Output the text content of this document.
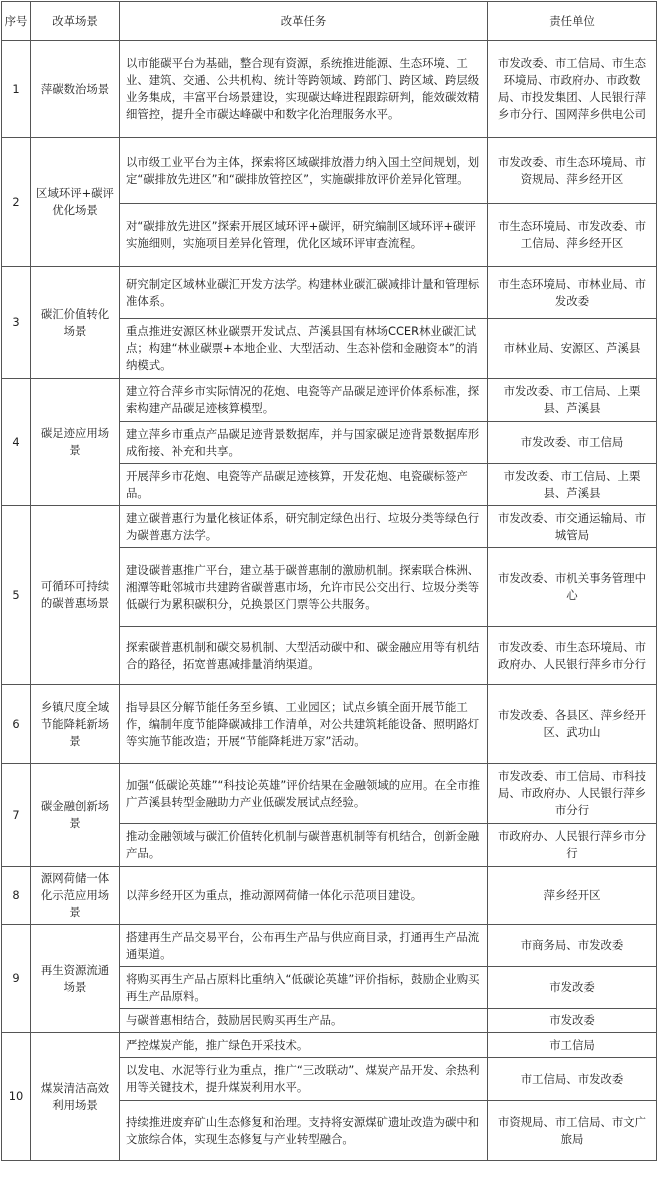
序号	改革场景	改革任务	责任单位
1	萍碳数治场景	以市能碳平台为基础，整合现有资源，系统推进能源、生态环境、工业、建筑、交通、公共机构、统计等跨领域、跨部门、跨区域、跨层级业务集成，丰富平台场景建设，实现碳达峰进程跟踪研判，能效碳效精细管控，提升全市碳达峰碳中和数字化治理服务水平。	市发改委、市工信局、市生态环境局、市政府办、市政数局、市投发集团、人民银行萍乡市分行、国网萍乡供电公司
2	区域环评+碳评优化场景	以市级工业平台为主体，探索将区域碳排放潜力纳入国土空间规划，划定“碳排放先进区”和“碳排放管控区”，实施碳排放评价差异化管理。	市发改委、市生态环境局、市资规局、萍乡经开区
		对“碳排放先进区”探索开展区域环评+碳评，研究编制区域环评+碳评实施细则，实施项目差异化管理，优化区域环评审查流程。	市生态环境局、市发改委、市工信局、萍乡经开区
3	碳汇价值转化场景	研究制定区域林业碳汇开发方法学。构建林业碳汇碳减排计量和管理标准体系。	市生态环境局、市林业局、市发改委
		重点推进安源区林业碳票开发试点、芦溪县国有林场CCER林业碳汇试点；构建“林业碳票+本地企业、大型活动、生态补偿和金融资本”的消纳模式。	市林业局、安源区、芦溪县
4	碳足迹应用场景	建立符合萍乡市实际情况的花炮、电瓷等产品碳足迹评价体系标准，探索构建产品碳足迹核算模型。	市发改委、市工信局、上栗县、芦溪县
		建立萍乡市重点产品碳足迹背景数据库，并与国家碳足迹背景数据库形成衔接、补充和共享。	市发改委、市工信局
		开展萍乡市花炮、电瓷等产品碳足迹核算，开发花炮、电瓷碳标签产品。	市发改委、市工信局、上栗县、芦溪县
5	可循环可持续的碳普惠场景	建立碳普惠行为量化核证体系，研究制定绿色出行、垃圾分类等绿色行为碳普惠方法学。	市发改委、市交通运输局、市城管局
		建设碳普惠推广平台，建立基于碳普惠制的激励机制。探索联合株洲、湘潭等毗邻城市共建跨省碳普惠市场，允许市民公交出行、垃圾分类等低碳行为累积碳积分，兑换景区门票等公共服务。	市发改委、市机关事务管理中心
		探索碳普惠机制和碳交易机制、大型活动碳中和、碳金融应用等有机结合的路径，拓宽普惠减排量消纳渠道。	市发改委、市生态环境局、市政府办、人民银行萍乡市分行
6	乡镇尺度全域节能降耗新场景	指导县区分解节能任务至乡镇、工业园区；试点乡镇全面开展节能工作，编制年度节能降碳减排工作清单，对公共建筑耗能设备、照明路灯等实施节能改造；开展“节能降耗进万家”活动。	市发改委、各县区、萍乡经开区、武功山
7	碳金融创新场景	加强“低碳论英雄”“科技论英雄”评价结果在金融领域的应用。在全市推广芦溪县转型金融助力产业低碳发展试点经验。	市发改委、市工信局、市科技局、市政府办、人民银行萍乡市分行
		推动金融领域与碳汇价值转化机制与碳普惠机制等有机结合，创新金融产品。	市政府办、人民银行萍乡市分行
8	源网荷储一体化示范应用场景	以萍乡经开区为重点，推动源网荷储一体化示范项目建设。	萍乡经开区
9	再生资源流通场景	搭建再生产品交易平台，公布再生产品与供应商目录，打通再生产品流通渠道。	市商务局、市发改委
		将购买再生产品占原料比重纳入“低碳论英雄”评价指标，鼓励企业购买再生产品原料。	市发改委
		与碳普惠相结合，鼓励居民购买再生产品。	市发改委
10	煤炭清洁高效利用场景	严控煤炭产能，推广绿色开采技术。	市工信局
		以发电、水泥等行业为重点，推广“三改联动”、煤炭产品开发、余热利用等关键技术，提升煤炭利用水平。	市工信局、市发改委
		持续推进废弃矿山生态修复和治理。支持将安源煤矿遗址改造为碳中和文旅综合体，实现生态修复与产业转型融合。	市资规局、市工信局、市文广旅局
